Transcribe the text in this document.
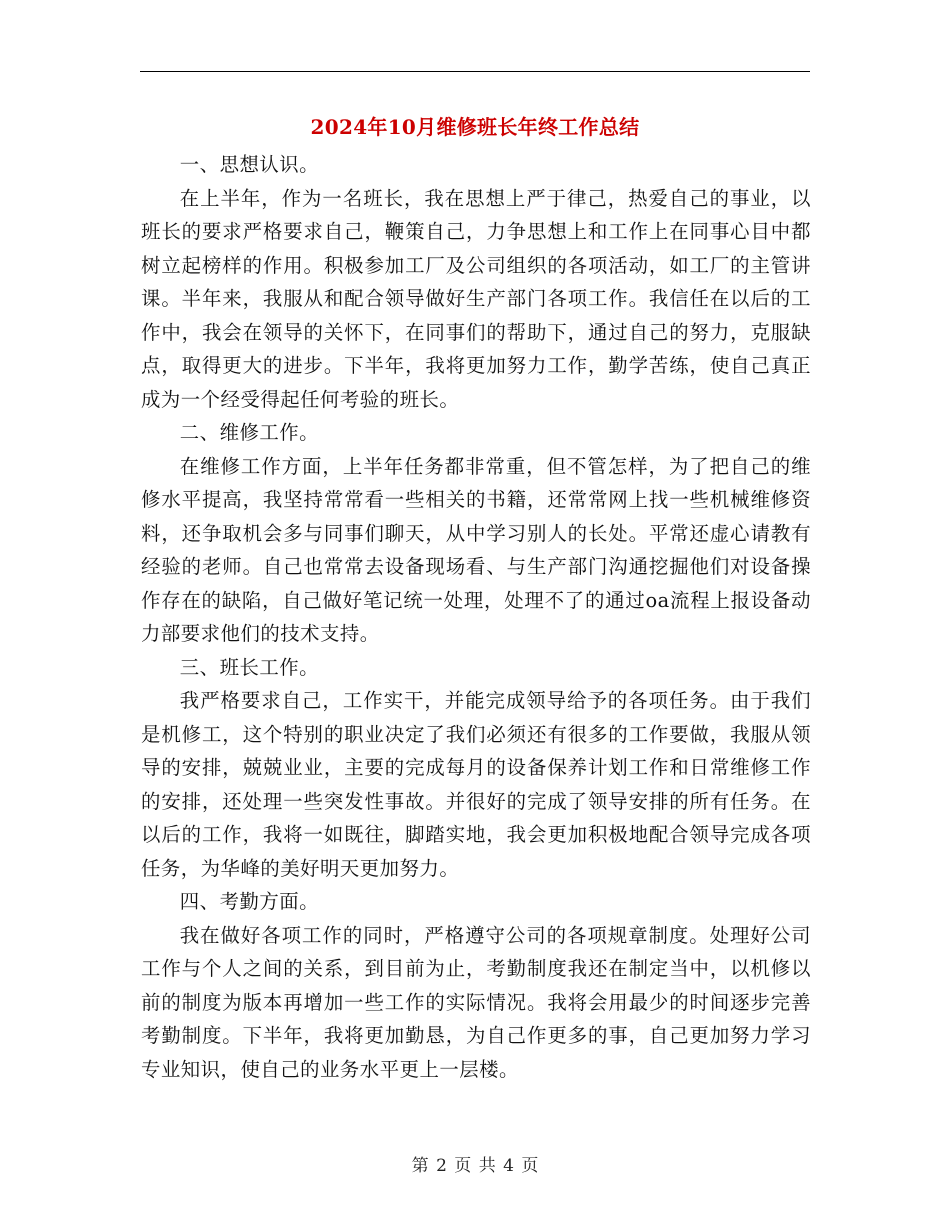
2024年10月维修班长年终工作总结

一、思想认识。

在上半年，作为一名班长，我在思想上严于律己，热爱自己的事业，以班长的要求严格要求自己，鞭策自己，力争思想上和工作上在同事心目中都树立起榜样的作用。积极参加工厂及公司组织的各项活动，如工厂的主管讲课。半年来，我服从和配合领导做好生产部门各项工作。我信任在以后的工作中，我会在领导的关怀下，在同事们的帮助下，通过自己的努力，克服缺点，取得更大的进步。下半年，我将更加努力工作，勤学苦练，使自己真正成为一个经受得起任何考验的班长。

二、维修工作。

在维修工作方面，上半年任务都非常重，但不管怎样，为了把自己的维修水平提高，我坚持常常看一些相关的书籍，还常常网上找一些机械维修资料，还争取机会多与同事们聊天，从中学习别人的长处。平常还虚心请教有经验的老师。自己也常常去设备现场看、与生产部门沟通挖掘他们对设备操作存在的缺陷，自己做好笔记统一处理，处理不了的通过oa流程上报设备动力部要求他们的技术支持。

三、班长工作。

我严格要求自己，工作实干，并能完成领导给予的各项任务。由于我们是机修工，这个特别的职业决定了我们必须还有很多的工作要做，我服从领导的安排，兢兢业业，主要的完成每月的设备保养计划工作和日常维修工作的安排，还处理一些突发性事故。并很好的完成了领导安排的所有任务。在以后的工作，我将一如既往，脚踏实地，我会更加积极地配合领导完成各项任务，为华峰的美好明天更加努力。

四、考勤方面。

我在做好各项工作的同时，严格遵守公司的各项规章制度。处理好公司工作与个人之间的关系，到目前为止，考勤制度我还在制定当中，以机修以前的制度为版本再增加一些工作的实际情况。我将会用最少的时间逐步完善考勤制度。下半年，我将更加勤恳，为自己作更多的事，自己更加努力学习专业知识，使自己的业务水平更上一层楼。

第 2 页 共 4 页
